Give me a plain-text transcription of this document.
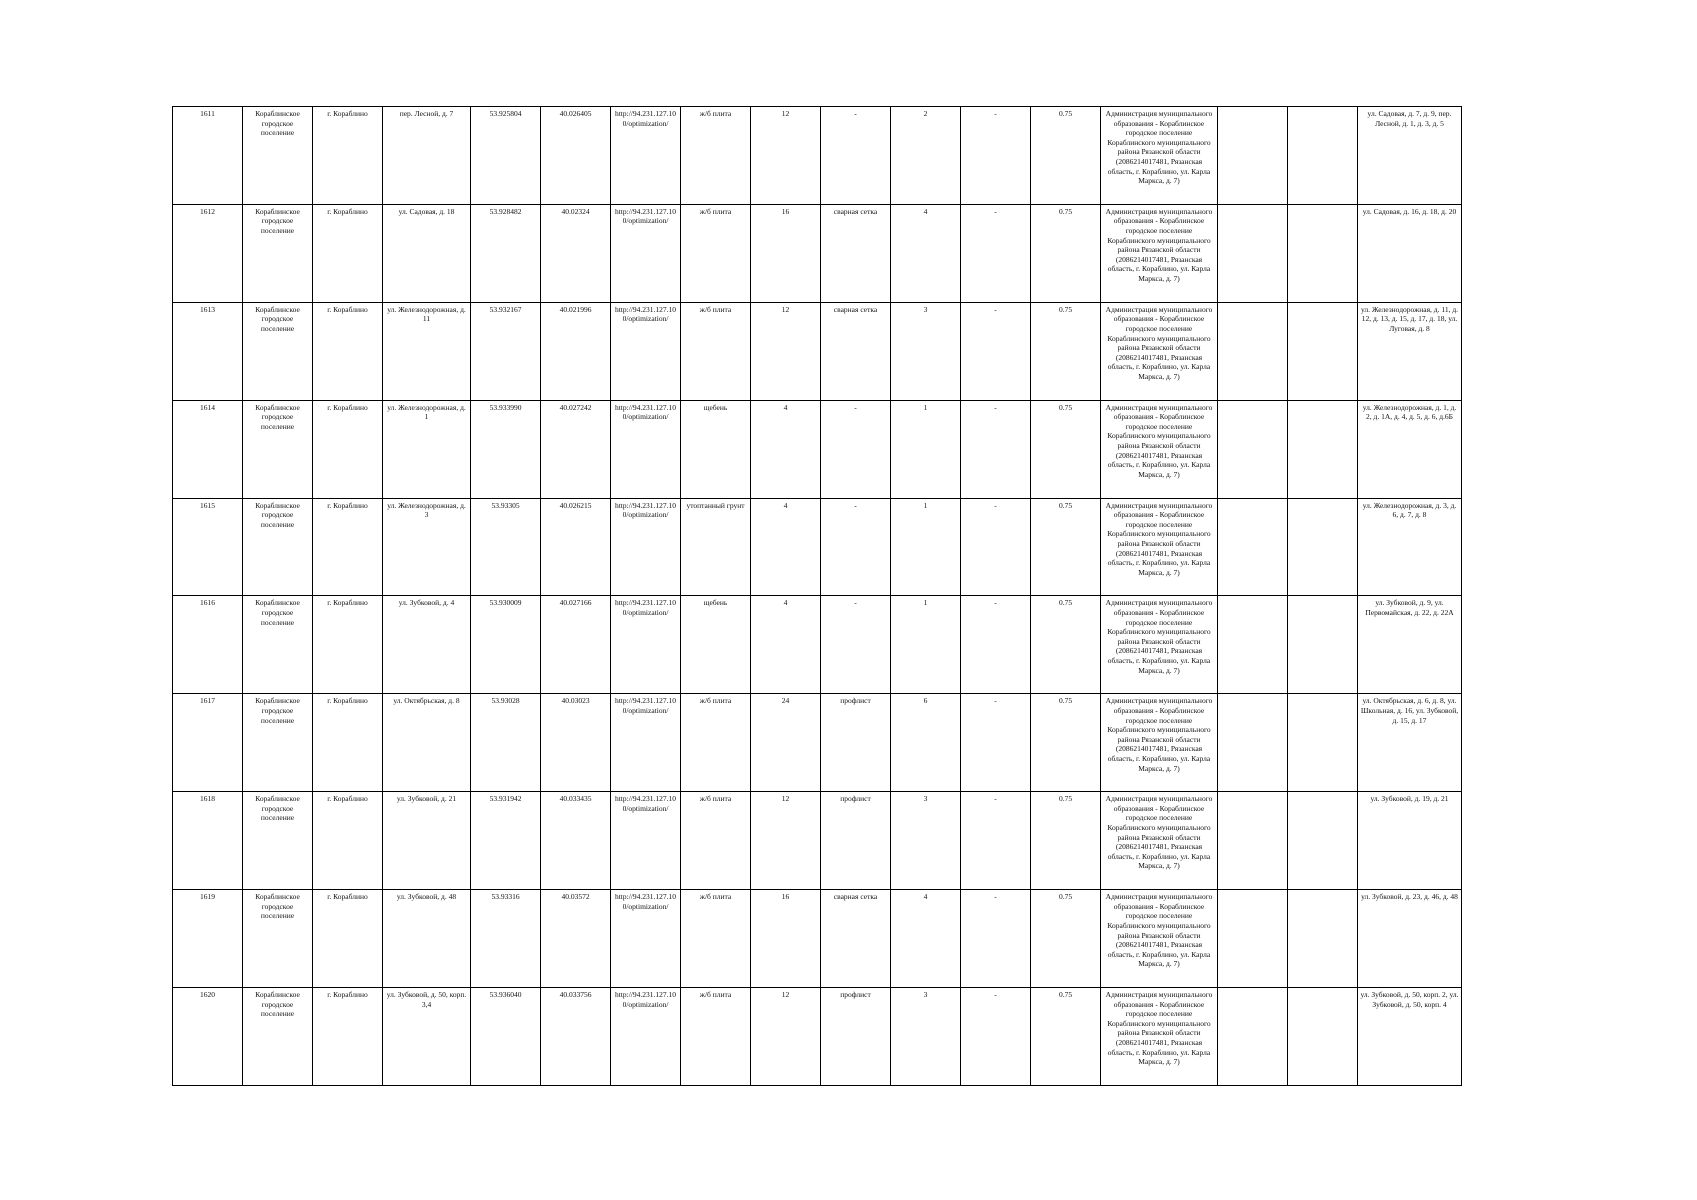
1611	Кораблинское городское поселение	г. Кораблино	пер. Лесной, д. 7	53.925804	40.026405	http://94.231.127.10 0/optimization/	ж/б плита	12	-	2	-	0.75	Администрация муниципального образования - Кораблинское городское поселение Кораблинского муниципального района Рязанской области (2086214017481, Рязанская область, г. Кораблино, ул. Карла Маркса, д. 7)			ул. Садовая, д. 7, д. 9, пер. Лесной, д. 1, д. 3, д. 5
1612	Кораблинское городское поселение	г. Кораблино	ул. Садовая, д. 18	53.928482	40.02324	http://94.231.127.10 0/optimization/	ж/б плита	16	сварная сетка	4	-	0.75	Администрация муниципального образования - Кораблинское городское поселение Кораблинского муниципального района Рязанской области (2086214017481, Рязанская область, г. Кораблино, ул. Карла Маркса, д. 7)			ул. Садовая, д. 16, д. 18, д. 20
1613	Кораблинское городское поселение	г. Кораблино	ул. Железнодорожная, д. 11	53.932167	40.021996	http://94.231.127.10 0/optimization/	ж/б плита	12	сварная сетка	3	-	0.75	Администрация муниципального образования - Кораблинское городское поселение Кораблинского муниципального района Рязанской области (2086214017481, Рязанская область, г. Кораблино, ул. Карла Маркса, д. 7)			ул. Железнодорожная, д. 11, д. 12, д. 13, д. 15, д. 17, д. 18, ул. Луговая, д. 8
1614	Кораблинское городское поселение	г. Кораблино	ул. Железнодорожная, д. 1	53.933990	40.027242	http://94.231.127.10 0/optimization/	щебень	4	-	1	-	0.75	Администрация муниципального образования - Кораблинское городское поселение Кораблинского муниципального района Рязанской области (2086214017481, Рязанская область, г. Кораблино, ул. Карла Маркса, д. 7)			ул. Железнодорожная, д. 1, д. 2, д. 1А, д. 4, д. 5, д. 6, д.6Б
1615	Кораблинское городское поселение	г. Кораблино	ул. Железнодорожная, д. 3	53.93305	40.026215	http://94.231.127.10 0/optimization/	утоптанный грунт	4	-	1	-	0.75	Администрация муниципального образования - Кораблинское городское поселение Кораблинского муниципального района Рязанской области (2086214017481, Рязанская область, г. Кораблино, ул. Карла Маркса, д. 7)			ул. Железнодорожная, д. 3, д. 6, д. 7, д. 8
1616	Кораблинское городское поселение	г. Кораблино	ул. Зубковой, д. 4	53.930009	40.027166	http://94.231.127.10 0/optimization/	щебень	4	-	1	-	0.75	Администрация муниципального образования - Кораблинское городское поселение Кораблинского муниципального района Рязанской области (2086214017481, Рязанская область, г. Кораблино, ул. Карла Маркса, д. 7)			ул. Зубковой, д. 9, ул. Первомайская, д. 22, д. 22А
1617	Кораблинское городское поселение	г. Кораблино	ул. Октябрьская, д. 8	53.93028	40.03023	http://94.231.127.10 0/optimization/	ж/б плита	24	профлист	6	-	0.75	Администрация муниципального образования - Кораблинское городское поселение Кораблинского муниципального района Рязанской области (2086214017481, Рязанская область, г. Кораблино, ул. Карла Маркса, д. 7)			ул. Октябрьская, д. 6, д. 8, ул. Школьная, д. 16, ул. Зубковой, д. 15, д. 17
1618	Кораблинское городское поселение	г. Кораблино	ул. Зубковой, д. 21	53.931942	40.033435	http://94.231.127.10 0/optimization/	ж/б плита	12	профлист	3	-	0.75	Администрация муниципального образования - Кораблинское городское поселение Кораблинского муниципального района Рязанской области (2086214017481, Рязанская область, г. Кораблино, ул. Карла Маркса, д. 7)			ул. Зубковой, д. 19, д. 21
1619	Кораблинское городское поселение	г. Кораблино	ул. Зубковой, д. 48	53.93316	40.03572	http://94.231.127.10 0/optimization/	ж/б плита	16	сварная сетка	4	-	0.75	Администрация муниципального образования - Кораблинское городское поселение Кораблинского муниципального района Рязанской области (2086214017481, Рязанская область, г. Кораблино, ул. Карла Маркса, д. 7)			ул. Зубковой, д. 23, д. 46, д. 48
1620	Кораблинское городское поселение	г. Кораблино	ул. Зубковой, д. 50, корп. 3,4	53.936040	40.033756	http://94.231.127.10 0/optimization/	ж/б плита	12	профлист	3	-	0.75	Администрация муниципального образования - Кораблинское городское поселение Кораблинского муниципального района Рязанской области (2086214017481, Рязанская область, г. Кораблино, ул. Карла Маркса, д. 7)			ул. Зубковой, д. 50, корп. 2, ул. Зубковой, д. 50, корп. 4
